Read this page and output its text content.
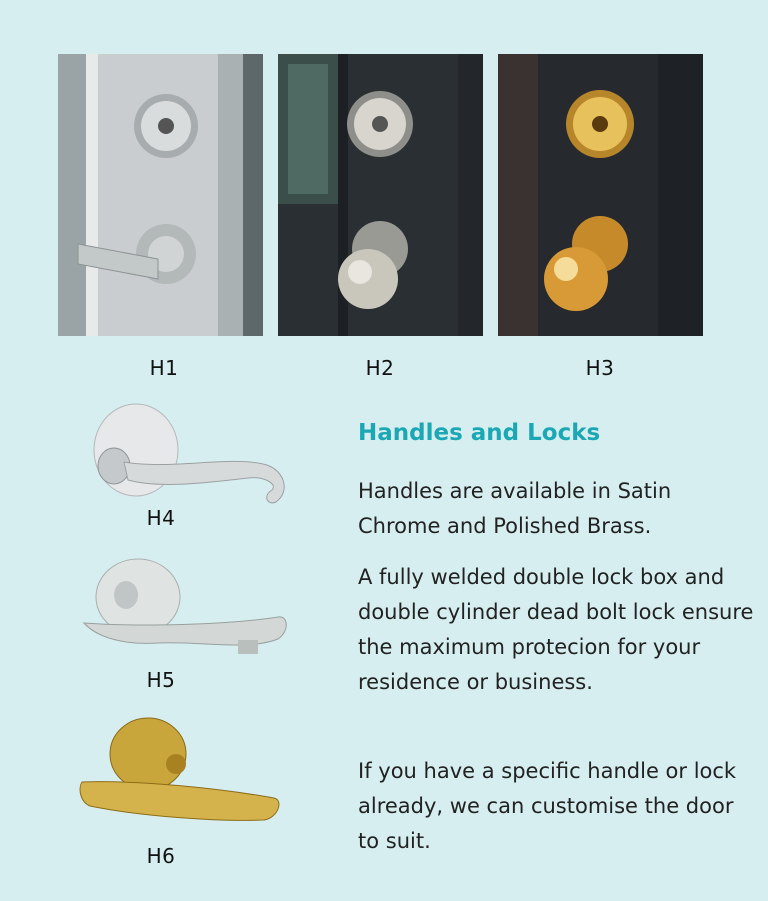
H1	H2	H3
H4
H5
H6
Handles and Locks

Handles are available in Satin Chrome and Polished Brass.

A fully welded double lock box and double cylinder dead bolt lock ensure the maximum protecion for your residence or business.

If you have a specific handle or lock already, we can customise the door to suit.
